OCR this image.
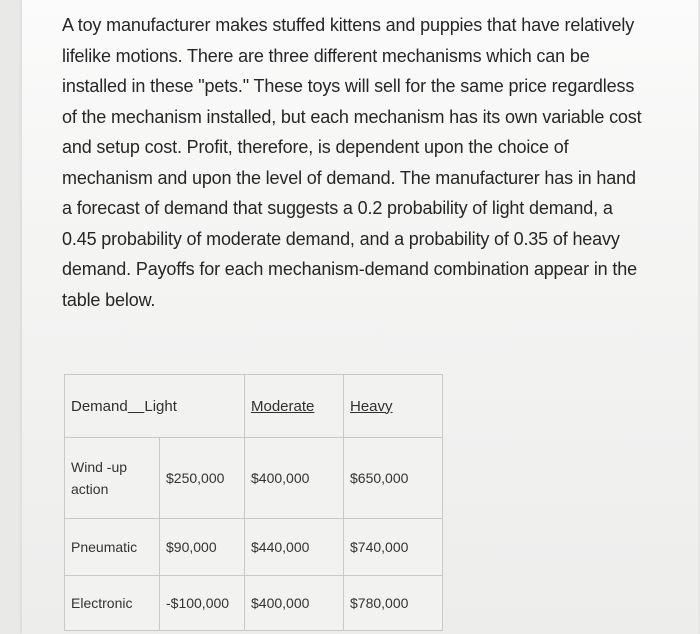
A toy manufacturer makes stuffed kittens and puppies that have relatively
lifelike motions. There are three different mechanisms which can be
installed in these "pets." These toys will sell for the same price regardless
of the mechanism installed, but each mechanism has its own variable cost
and setup cost. Profit, therefore, is dependent upon the choice of
mechanism and upon the level of demand. The manufacturer has in hand
a forecast of demand that suggests a 0.2 probability of light demand, a
0.45 probability of moderate demand, and a probability of 0.35 of heavy
demand. Payoffs for each mechanism-demand combination appear in the
table below.

Demand Light		Moderate	Heavy
Wind -up action	$250,000	$400,000	$650,000
Pneumatic	$90,000	$440,000	$740,000
Electronic	-$100,000	$400,000	$780,000
